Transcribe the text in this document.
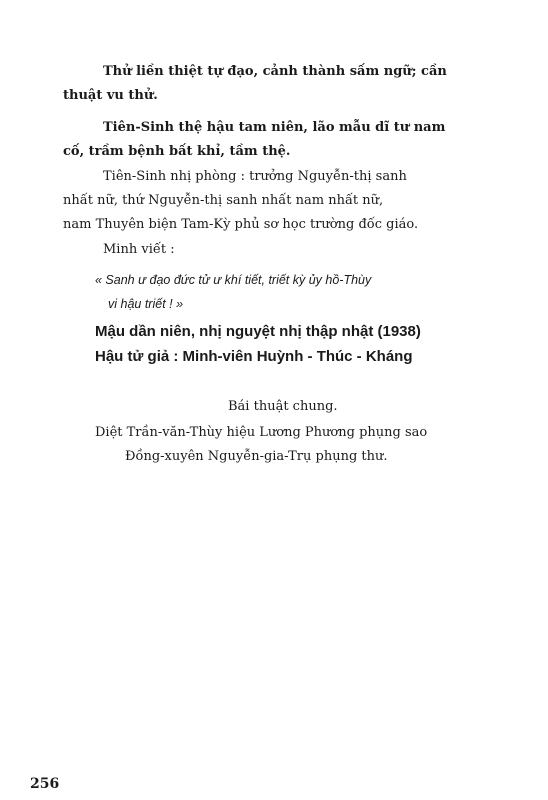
Thử liền thiệt tự đạo, cảnh thành sấm ngữ; cần
thuật vu thử.
Tiên-Sinh thệ hậu tam niên, lão mẫu dĩ tư nam
cố, trầm bệnh bất khỉ, tầm thệ.
Tiên-Sinh nhị phòng : trưởng Nguyễn-thị sanh
nhất nữ, thứ Nguyễn-thị sanh nhất nam nhất nữ,
nam Thuyên biện Tam-Kỳ phủ sơ học trường đốc giáo.
Minh viết :
« Sanh ư đạo đức tử ư khí tiết, triết kỳ ủy hồ-Thùy
vi hậu triết ! »
Mậu dần niên, nhị nguyệt nhị thập nhật (1938)
Hậu tử giả : Minh-viên Huỳnh - Thúc - Kháng
Bái thuật chung.
Diệt Trần-văn-Thùy hiệu Lương Phương phụng sao
Đồng-xuyên Nguyễn-gia-Trụ phụng thư.
256
